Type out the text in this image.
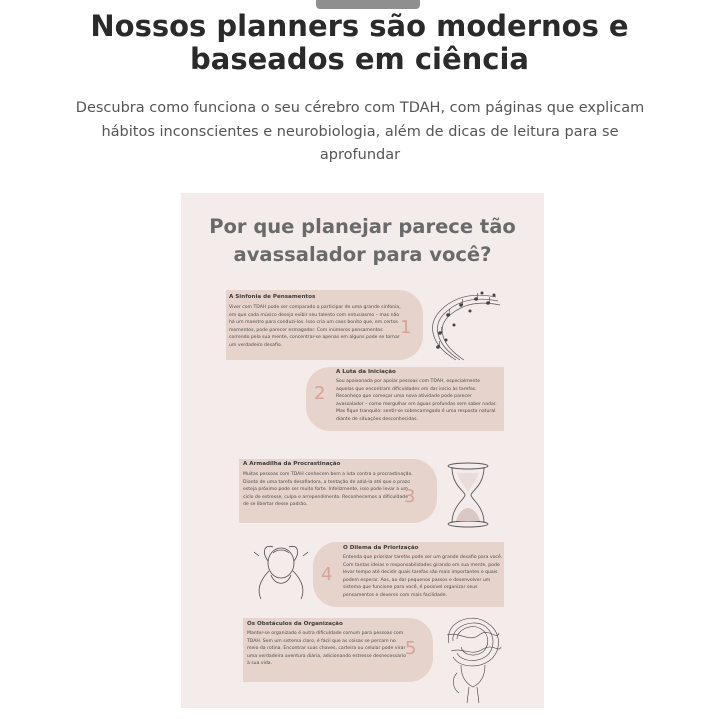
Nossos planners são modernos e
baseados em ciência

Descubra como funciona o seu cérebro com TDAH, com páginas que explicam
hábitos inconscientes e neurobiologia, além de dicas de leitura para se
aprofundar

Por que planejar parece tão
avassalador para você?
A Sinfonia de Pensamentos
Viver com TDAH pode ser comparado a participar de uma grande sinfonia, em que cada músico deseja exibir seu talento com entusiasmo – mas não há um maestro para conduzi-los. Isso cria um caos bonito que, em certos momentos, pode parecer esmagador. Com inúmeros pensamentos correndo pela sua mente, concentrar-se apenas em alguns pode se tornar um verdadeiro desafio.
1
A Luta da Iniciação
Sou apaixonada por apoiar pessoas com TDAH, especialmente aquelas que encontram dificuldades em dar início às tarefas. Reconheço que começar uma nova atividade pode parecer avassalador – como mergulhar em águas profundas sem saber nadar. Mas fique tranquilo: sentir-se sobrecarregado é uma resposta natural diante de situações desconhecidas.
2
A Armadilha da Procrastinação
Muitas pessoas com TDAH conhecem bem a luta contra a procrastinação. Diante de uma tarefa desafiadora, a tentação de adiá-la até que o prazo esteja próximo pode ser muito forte. Infelizmente, isso pode levar a um ciclo de estresse, culpa e arrependimento. Reconhecemos a dificuldade de se libertar desse padrão.	3
O Dilema da Priorização
Entenda que priorizar tarefas pode ser um grande desafio para você. Com tantas ideias e responsabilidades girando em sua mente, pode levar tempo até decidir quais tarefas são mais importantes e quais podem esperar. Aos, ao dar pequenos passos e desenvolver um sistema que funcione para você, é possível organizar seus pensamentos e deveres com mais facilidade.
4
Os Obstáculos da Organização
Manter-se organizado é outra dificuldade comum para pessoas com TDAH. Sem um sistema claro, é fácil que as coisas se percam no meio da rotina. Encontrar suas chaves, carteira ou celular pode virar uma verdadeira aventura diária, adicionando estresse desnecessário à sua vida.
5
